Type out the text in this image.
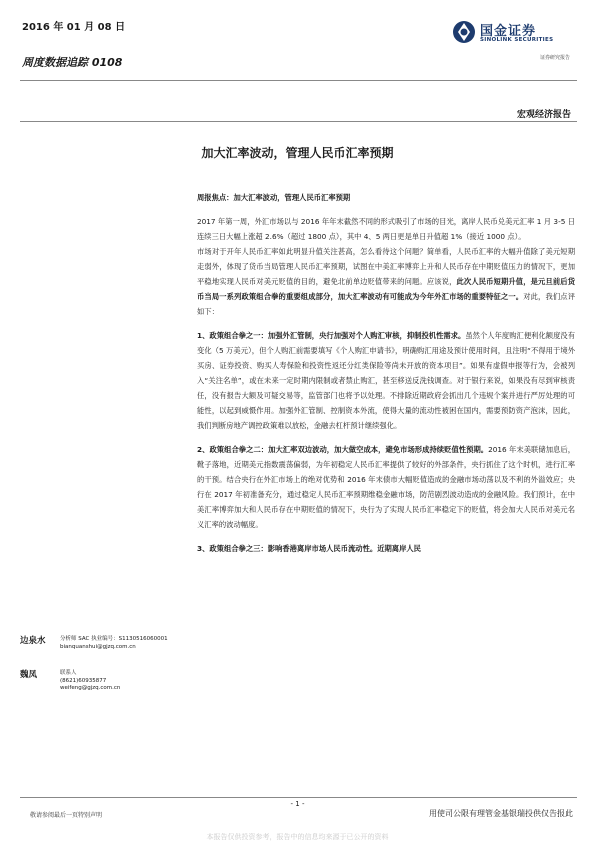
2016 年 01 月 08 日
周度数据追踪 0108
国金证券
SINOLINK SECURITIES
证券研究报告
宏观经济报告
加大汇率波动，管理人民币汇率预期

周报焦点：加大汇率波动，管理人民币汇率预期

2017 年第一周，外汇市场以与 2016 年年末截然不同的形式吸引了市场的目光，离岸人民币兑美元汇率 1 月 3-5 日连续三日大幅上涨超 2.6%（超过 1800 点），其中 4、5 两日更是单日升值超 1%（接近 1000 点）。

市场对于开年人民币汇率如此明显升值关注甚高，怎么看待这个问题？简单看，人民币汇率的大幅升值除了美元短期走弱外，体现了货币当局管理人民币汇率预期，试图在中美汇率博弈上升和人民币存在中期贬值压力的情况下，更加平稳地实现人民币对美元贬值的目的，避免北前单边贬值带来的问题。应该说，此次人民币短期升值，是元旦前后货币当局一系列政策组合拳的重要组成部分，加大汇率波动有可能成为今年外汇市场的重要特征之一。对此，我们点评如下：

1、政策组合拳之一：加强外汇管制，央行加强对个人购汇审核，抑制投机性需求。虽然个人年度购汇便利化额度没有变化（5 万美元），但个人购汇前需要填写《个人购汇申请书》，明确购汇用途及预计使用时间，且注明“不得用于境外买房、证券投资、购买人寿保险和投资性返还分红类保险等尚未开放的资本项目”。如果有虚假申报等行为，会被列入“关注名单”，或在未来一定时期内限制或者禁止购汇，甚至移送反洗钱调查。对于银行来说，如果没有尽到审核责任，没有报告大额及可疑交易等，监管部门也将予以处理。不排除近期政府会抓出几个违规个案并进行严厉处理的可能性，以起到威慑作用。加强外汇管制、控制资本外流，使得大量的流动性被困在国内，需要预防资产泡沫，因此，我们判断房地产调控政策难以放松，金融去杠杆预计继续强化。

2、政策组合拳之二：加大汇率双边波动，加大做空成本，避免市场形成持续贬值性预期。2016 年末美联储加息后，靴子落地，近期美元指数震荡偏弱，为年初稳定人民币汇率提供了较好的外部条件，央行抓住了这个时机，进行汇率的干预。结合央行在外汇市场上的绝对优势和 2016 年末债市大幅贬值造成的金融市场动荡以及不利的外溢效应；央行在 2017 年初准备充分，通过稳定人民币汇率预期维稳金融市场，防范剧烈波动造成的金融风险。我们预计，在中美汇率博弈加大和人民币存在中期贬值的情况下，央行为了实现人民币汇率稳定下的贬值，将会加大人民币对美元名义汇率的波动幅度。

3、政策组合拳之三：影响香港离岸市场人民币流动性。近期离岸人民

边泉水	分析师 SAC 执业编号：S1130516060001
bianquanshui@gjzq.com.cn
魏凤	联系人
(8621)60935877
weifeng@gjzq.com.cn
敬请参阅最后一页特别声明
- 1 -
用使司公限有理管金基银瑞投供仅告报此
本报告仅供投资参考，报告中的信息均来源于已公开的资料
